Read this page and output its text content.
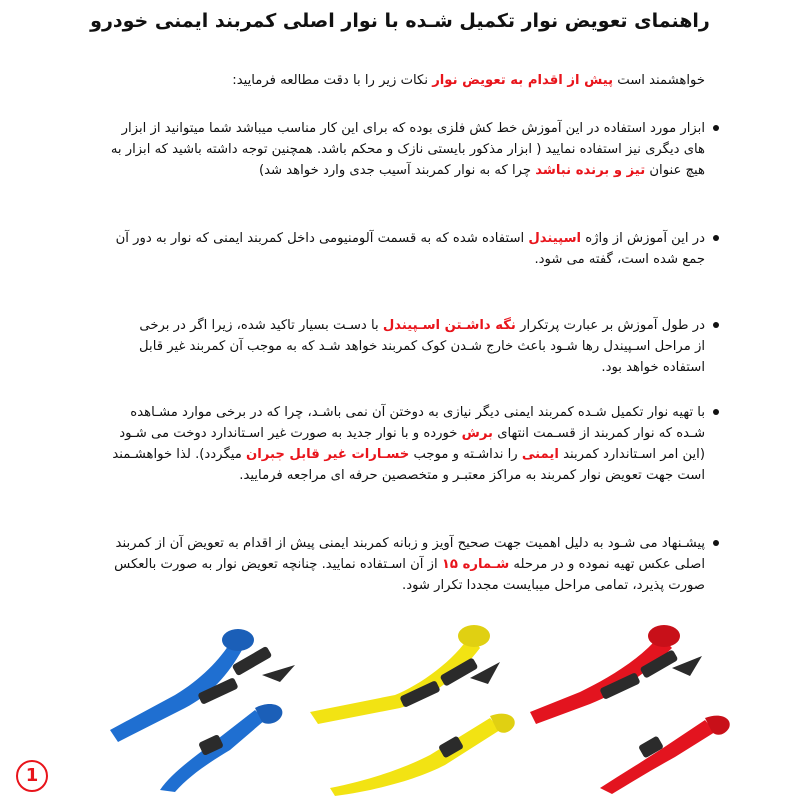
راهنمای تعویض نوار تکمیل شـده با نوار اصلی کمربند ایمنی خودرو
خواهشمند است پیش از اقدام به تعویض نوار نکات زیر را با دقت مطالعه فرمایید:
ابزار مورد استفاده در این آموزش خط کش فلزی بوده که برای این کار مناسب میباشد شما میتوانید از ابزار های دیگری نیز استفاده نمایید ( ابزار مذکور بایستی نازک و محکم باشد. همچنین توجه داشته باشید که ابزار به هیچ عنوان تیز و برنده نباشد چرا که به نوار کمربند آسیب جدی وارد خواهد شد)
در این آموزش از واژه اسپیندل استفاده شده که به قسمت آلومنیومی داخل کمربند ایمنی که نوار به دور آن جمع شده است، گفته می شود.
در طول آموزش بر عبارت پرتکرار نگه داشـتن اسـپیندل با دسـت بسیار تاکید شده، زیرا اگر در برخی از مراحل اسـپیندل رها شـود باعث خارج شـدن کوک کمربند خواهد شـد که به موجب آن کمربند غیر قابل استفاده خواهد بود.
با تهیه نوار تکمیل شـده کمربند ایمنی دیگر نیازی به دوختن آن نمی باشـد، چرا که در برخی موارد مشـاهده شـده که نوار کمربند از قسـمت انتهای برش خورده و با نوار جدید به صورت غیر اسـتاندارد دوخت می شـود (این امر اسـتاندارد کمربند ایمنی را نداشـته و موجب خسـارات غیر قابل جبران میگردد). لذا خواهشـمند است جهت تعویض نوار کمربند به مراکز معتبـر و متخصصین حرفه ای مراجعه فرمایید.
پیشـنهاد می شـود به دلیل اهمیت جهت صحیح آویز و زبانه کمربند ایمنی پیش از اقدام به تعویض آن از کمربند اصلی عکس تهیه نموده و در مرحله شـماره ۱۵ از آن اسـتفاده نمایید. چنانچه تعویض نوار به صورت بالعکس صورت پذیرد، تمامی مراحل میبایست مجددا تکرار شود.
1
